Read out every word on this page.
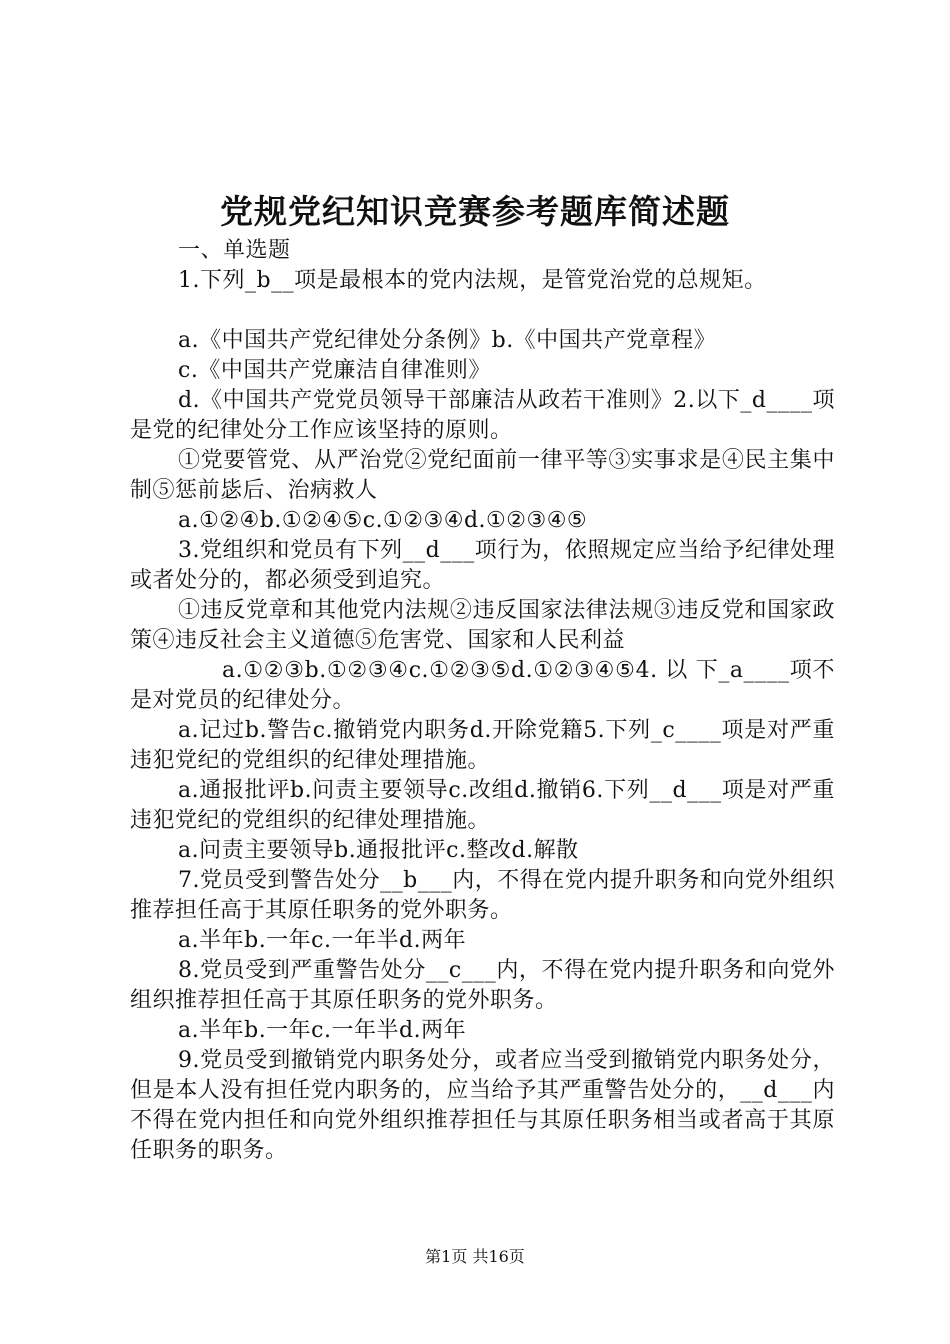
党规党纪知识竞赛参考题库简述题

一、单选题

1.下列_b__项是最根本的党内法规，是管党治党的总规矩。

a.《中国共产党纪律处分条例》b.《中国共产党章程》

c.《中国共产党廉洁自律准则》

d.《中国共产党党员领导干部廉洁从政若干准则》2.以下_d____项是党的纪律处分工作应该坚持的原则。

①党要管党、从严治党②党纪面前一律平等③实事求是④民主集中制⑤惩前毖后、治病救人

a.①②④b.①②④⑤c.①②③④d.①②③④⑤

3.党组织和党员有下列__d___项行为，依照规定应当给予纪律处理或者处分的，都必须受到追究。

①违反党章和其他党内法规②违反国家法律法规③违反党和国家政策④违反社会主义道德⑤危害党、国家和人民利益

a.①②③b.①②③④c.①②③⑤d.①②③④⑤4. 以 下_a____项不是对党员的纪律处分。

a.记过b.警告c.撤销党内职务d.开除党籍5.下列_c____项是对严重违犯党纪的党组织的纪律处理措施。

a.通报批评b.问责主要领导c.改组d.撤销6.下列__d___项是对严重违犯党纪的党组织的纪律处理措施。

a.问责主要领导b.通报批评c.整改d.解散

7.党员受到警告处分__b___内，不得在党内提升职务和向党外组织推荐担任高于其原任职务的党外职务。

a.半年b.一年c.一年半d.两年

8.党员受到严重警告处分__c___内，不得在党内提升职务和向党外组织推荐担任高于其原任职务的党外职务。

a.半年b.一年c.一年半d.两年

9.党员受到撤销党内职务处分，或者应当受到撤销党内职务处分，但是本人没有担任党内职务的，应当给予其严重警告处分的，__d___内不得在党内担任和向党外组织推荐担任与其原任职务相当或者高于其原任职务的职务。

第1页 共16页
